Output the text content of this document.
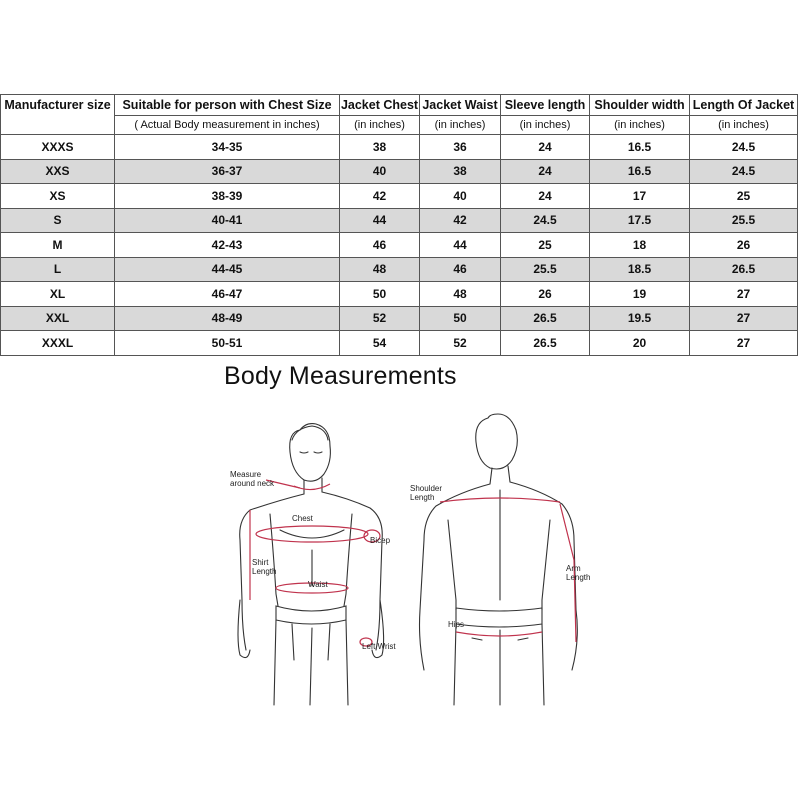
Manufacturer size	Suitable for person with Chest Size	Jacket Chest	Jacket Waist	Sleeve length	Shoulder width	Length Of Jacket
	( Actual Body measurement in inches)	(in inches)	(in inches)	(in inches)	(in inches)	(in inches)
XXXS	34-35	38	36	24	16.5	24.5
XXS	36-37	40	38	24	16.5	24.5
XS	38-39	42	40	24	17	25
S	40-41	44	42	24.5	17.5	25.5
M	42-43	46	44	25	18	26
L	44-45	48	46	25.5	18.5	26.5
XL	46-47	50	48	26	19	27
XXL	48-49	52	50	26.5	19.5	27
XXXL	50-51	54	52	26.5	20	27
Body Measurements
Measure
around neck
Chest
Bicep
Shirt
Length
Waist
Left Wrist
Shoulder
Length
Arm
Length
Hips
